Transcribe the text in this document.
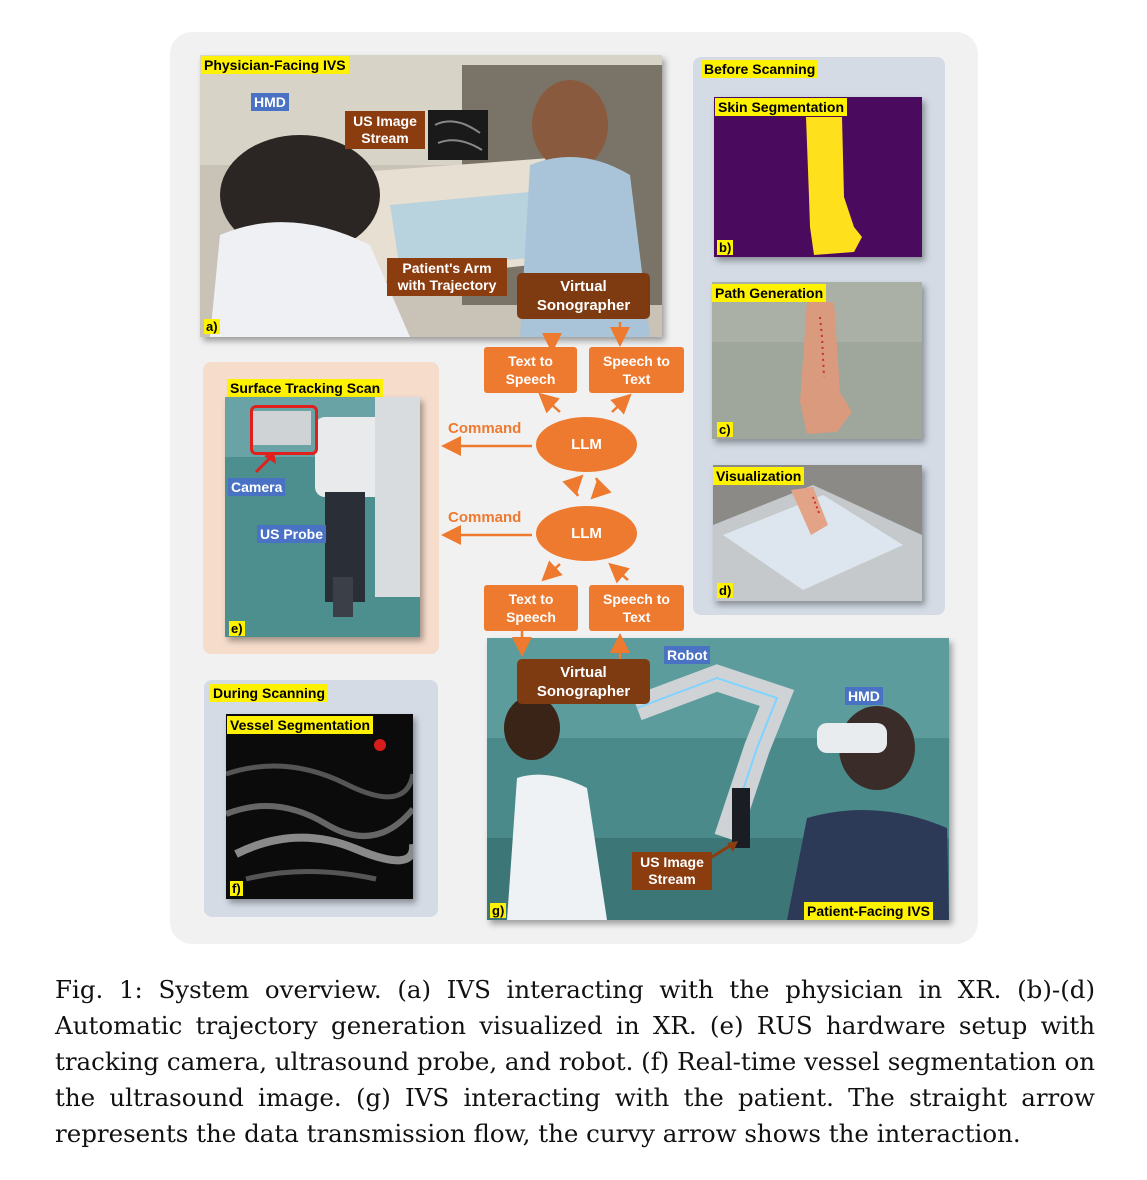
Physician-Facing IVS
HMD
US Image Stream
Patient's Arm with Trajectory
a)
Before Scanning
Skin Segmentation
b)
Path Generation
c)
Visualization
d)
Surface Tracking Scan
Camera
US Probe
e)
During Scanning
Vessel Segmentation
f)
Robot
HMD
US Image Stream
Patient-Facing IVS
g)
Virtual Sonographer
Text to Speech
Speech to Text
LLM
Command
LLM
Command
Text to Speech
Speech to Text
Virtual Sonographer
Fig. 1: System overview. (a) IVS interacting with the physician in XR. (b)-(d) Automatic trajectory generation visualized in XR. (e) RUS hardware setup with tracking camera, ultrasound probe, and robot. (f) Real-time vessel segmentation on the ultrasound image. (g) IVS interacting with the patient. The straight arrow represents the data transmission flow, the curvy arrow shows the interaction.
